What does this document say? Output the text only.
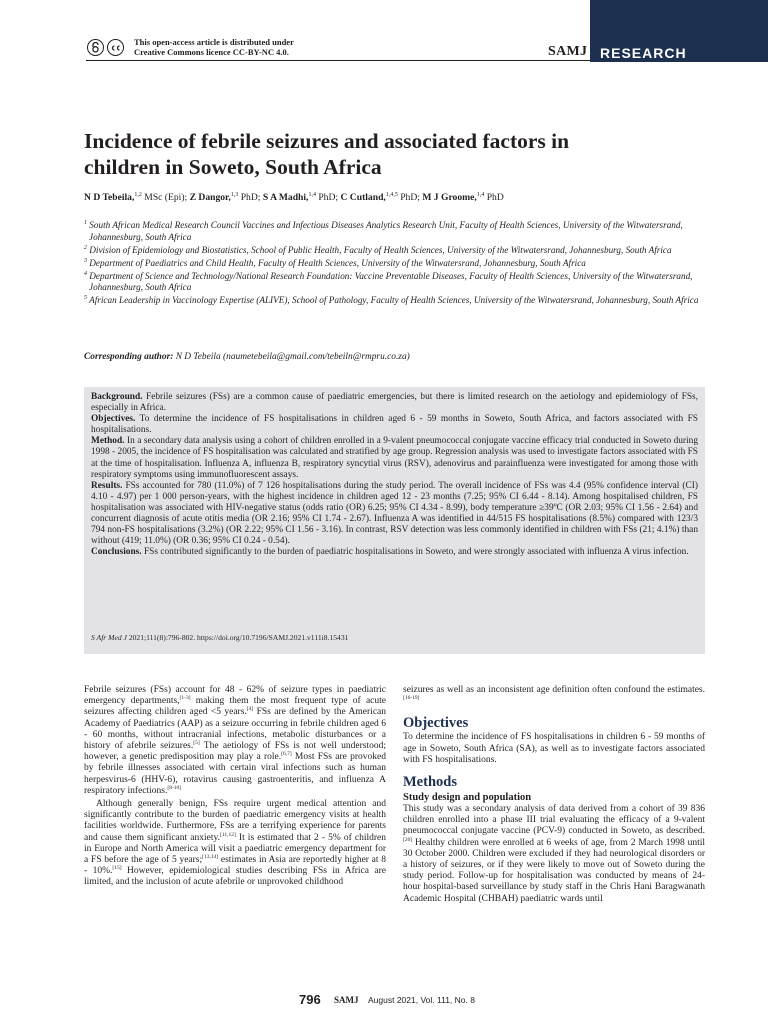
This open-access article is distributed under
Creative Commons licence CC-BY-NC 4.0.	SAMJ RESEARCH
Incidence of febrile seizures and associated factors in
children in Soweto, South Africa
N D Tebeila,$^{1,2}$ MSc (Epi); Z Dangor,$^{1,3}$ PhD; S A Madhi,$^{1,4}$ PhD; C Cutland,$^{1,4,5}$ PhD; M J Groome,$^{1,4}$ PhD
$^1$ South African Medical Research Council Vaccines and Infectious Diseases Analytics Research Unit, Faculty of Health Sciences, University of the Witwatersrand, Johannesburg, South Africa
$^2$ Division of Epidemiology and Biostatistics, School of Public Health, Faculty of Health Sciences, University of the Witwatersrand, Johannesburg, South Africa
$^3$ Department of Paediatrics and Child Health, Faculty of Health Sciences, University of the Witwatersrand, Johannesburg, South Africa
$^4$ Department of Science and Technology/National Research Foundation: Vaccine Preventable Diseases, Faculty of Health Sciences, University of the Witwatersrand, Johannesburg, South Africa
$^5$ African Leadership in Vaccinology Expertise (ALIVE), School of Pathology, Faculty of Health Sciences, University of the Witwatersrand, Johannesburg, South Africa
Corresponding author: N D Tebeila (naumetebeila@gmail.com/tebeiln@rmpru.co.za)

Background. Febrile seizures (FSs) are a common cause of paediatric emergencies, but there is limited research on the aetiology and epidemiology of FSs, especially in Africa.

Objectives. To determine the incidence of FS hospitalisations in children aged 6 - 59 months in Soweto, South Africa, and factors associated with FS hospitalisations.

Method. In a secondary data analysis using a cohort of children enrolled in a 9-valent pneumococcal conjugate vaccine efficacy trial conducted in Soweto during 1998 - 2005, the incidence of FS hospitalisation was calculated and stratified by age group. Regression analysis was used to investigate factors associated with FS at the time of hospitalisation. Influenza A, influenza B, respiratory syncytial virus (RSV), adenovirus and parainfluenza were investigated for among those with respiratory symptoms using immunofluorescent assays.

Results. FSs accounted for 780 (11.0%) of 7 126 hospitalisations during the study period. The overall incidence of FSs was 4.4 (95% confidence interval (CI) 4.10 - 4.97) per 1 000 person-years, with the highest incidence in children aged 12 - 23 months (7.25; 95% CI 6.44 - 8.14). Among hospitalised children, FS hospitalisation was associated with HIV-negative status (odds ratio (OR) 6.25; 95% CI 4.34 - 8.99), body temperature ≥39ºC (OR 2.03; 95% CI 1.56 - 2.64) and concurrent diagnosis of acute otitis media (OR 2.16; 95% CI 1.74 - 2.67). Influenza A was identified in 44/515 FS hospitalisations (8.5%) compared with 123/3 794 non-FS hospitalisations (3.2%) (OR 2.22; 95% CI 1.56 - 3.16). In contrast, RSV detection was less commonly identified in children with FSs (21; 4.1%) than without (419; 11.0%) (OR 0.36; 95% CI 0.24 - 0.54).

Conclusions. FSs contributed significantly to the burden of paediatric hospitalisations in Soweto, and were strongly associated with influenza A virus infection.

S Afr Med J 2021;111(8):796-802. https://doi.org/10.7196/SAMJ.2021.v111i8.15431

Febrile seizures (FSs) account for 48 - 62% of seizure types in paediatric emergency departments,[1-3] making them the most frequent type of acute seizures affecting children aged <5 years.[4] FSs are defined by the American Academy of Paediatrics (AAP) as a seizure occurring in febrile children aged 6 - 60 months, without intracranial infections, metabolic disturbances or a history of afebrile seizures.[5] The aetiology of FSs is not well understood; however, a genetic predisposition may play a role.[6,7] Most FSs are provoked by febrile illnesses associated with certain viral infections such as human herpesvirus-6 (HHV-6), rotavirus causing gastroenteritis, and influenza A respiratory infections.[8-10]

Although generally benign, FSs require urgent medical attention and significantly contribute to the burden of paediatric emergency visits at health facilities worldwide. Furthermore, FSs are a terrifying experience for parents and cause them significant anxiety.[11,12] It is estimated that 2 - 5% of children in Europe and North America will visit a paediatric emergency department for a FS before the age of 5 years;[13,14] estimates in Asia are reportedly higher at 8 - 10%.[15] However, epidemiological studies describing FSs in Africa are limited, and the inclusion of acute afebrile or unprovoked childhood

seizures as well as an inconsistent age definition often confound the estimates.[16-19]

Objectives

To determine the incidence of FS hospitalisations in children 6 - 59 months of age in Soweto, South Africa (SA), as well as to investigate factors associated with FS hospitalisations.

Methods
Study design and population

This study was a secondary analysis of data derived from a cohort of 39 836 children enrolled into a phase III trial evaluating the efficacy of a 9-valent pneumococcal conjugate vaccine (PCV-9) conducted in Soweto, as described.[20] Healthy children were enrolled at 6 weeks of age, from 2 March 1998 until 30 October 2000. Children were excluded if they had neurological disorders or a history of seizures, or if they were likely to move out of Soweto during the study period. Follow-up for hospitalisation was conducted by means of 24-hour hospital-based surveillance by study staff in the Chris Hani Baragwanath Academic Hospital (CHBAH) paediatric wards until

796 SAMJ August 2021, Vol. 111, No. 8
